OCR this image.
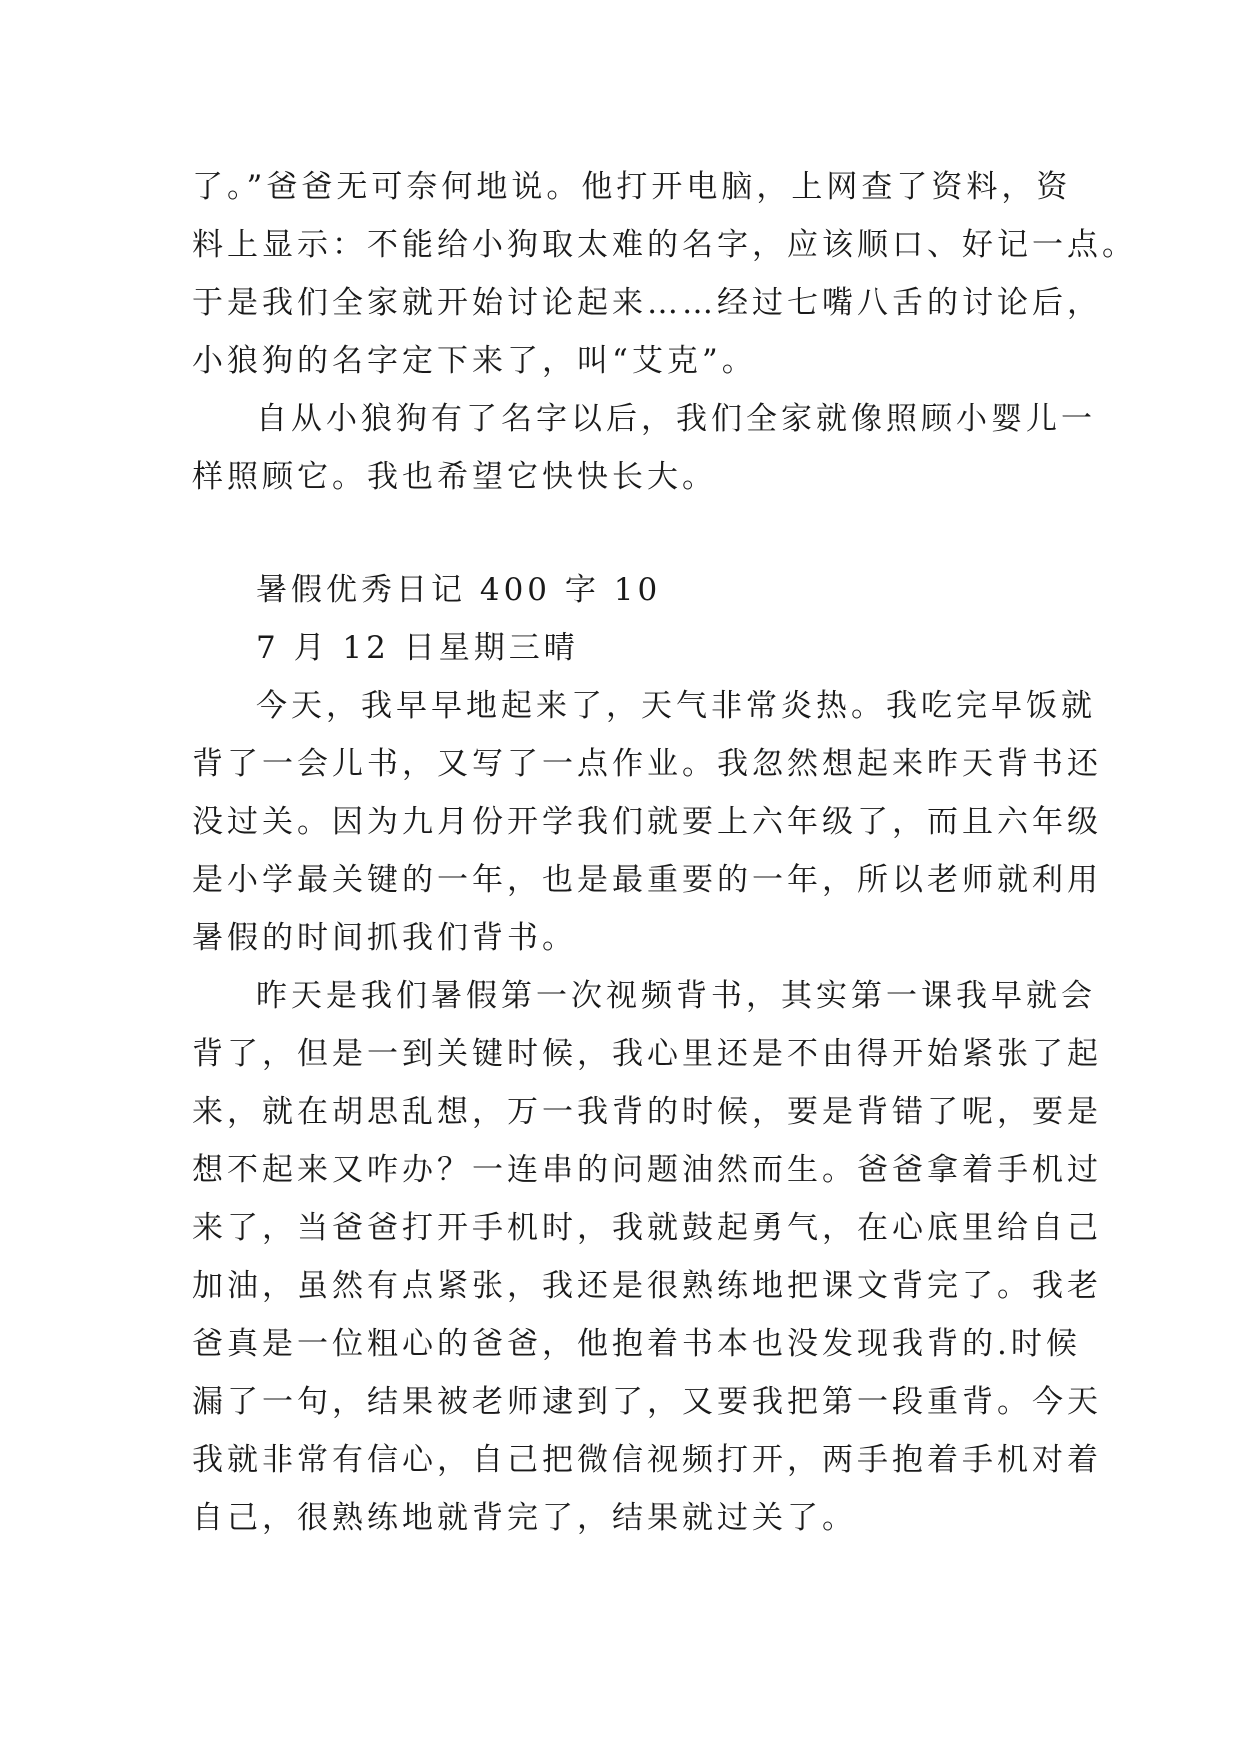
了。”爸爸无可奈何地说。他打开电脑，上网查了资料，资
料上显示：不能给小狗取太难的名字，应该顺口、好记一点。
于是我们全家就开始讨论起来……经过七嘴八舌的讨论后，
小狼狗的名字定下来了，叫“艾克”。
自从小狼狗有了名字以后，我们全家就像照顾小婴儿一
样照顾它。我也希望它快快长大。
暑假优秀日记 400 字 10
7 月 12 日星期三晴
今天，我早早地起来了，天气非常炎热。我吃完早饭就
背了一会儿书，又写了一点作业。我忽然想起来昨天背书还
没过关。因为九月份开学我们就要上六年级了，而且六年级
是小学最关键的一年，也是最重要的一年，所以老师就利用
暑假的时间抓我们背书。
昨天是我们暑假第一次视频背书，其实第一课我早就会
背了，但是一到关键时候，我心里还是不由得开始紧张了起
来，就在胡思乱想，万一我背的时候，要是背错了呢，要是
想不起来又咋办？一连串的问题油然而生。爸爸拿着手机过
来了，当爸爸打开手机时，我就鼓起勇气，在心底里给自己
加油，虽然有点紧张，我还是很熟练地把课文背完了。我老
爸真是一位粗心的爸爸，他抱着书本也没发现我背的.时候
漏了一句，结果被老师逮到了，又要我把第一段重背。今天
我就非常有信心，自己把微信视频打开，两手抱着手机对着
自己，很熟练地就背完了，结果就过关了。
